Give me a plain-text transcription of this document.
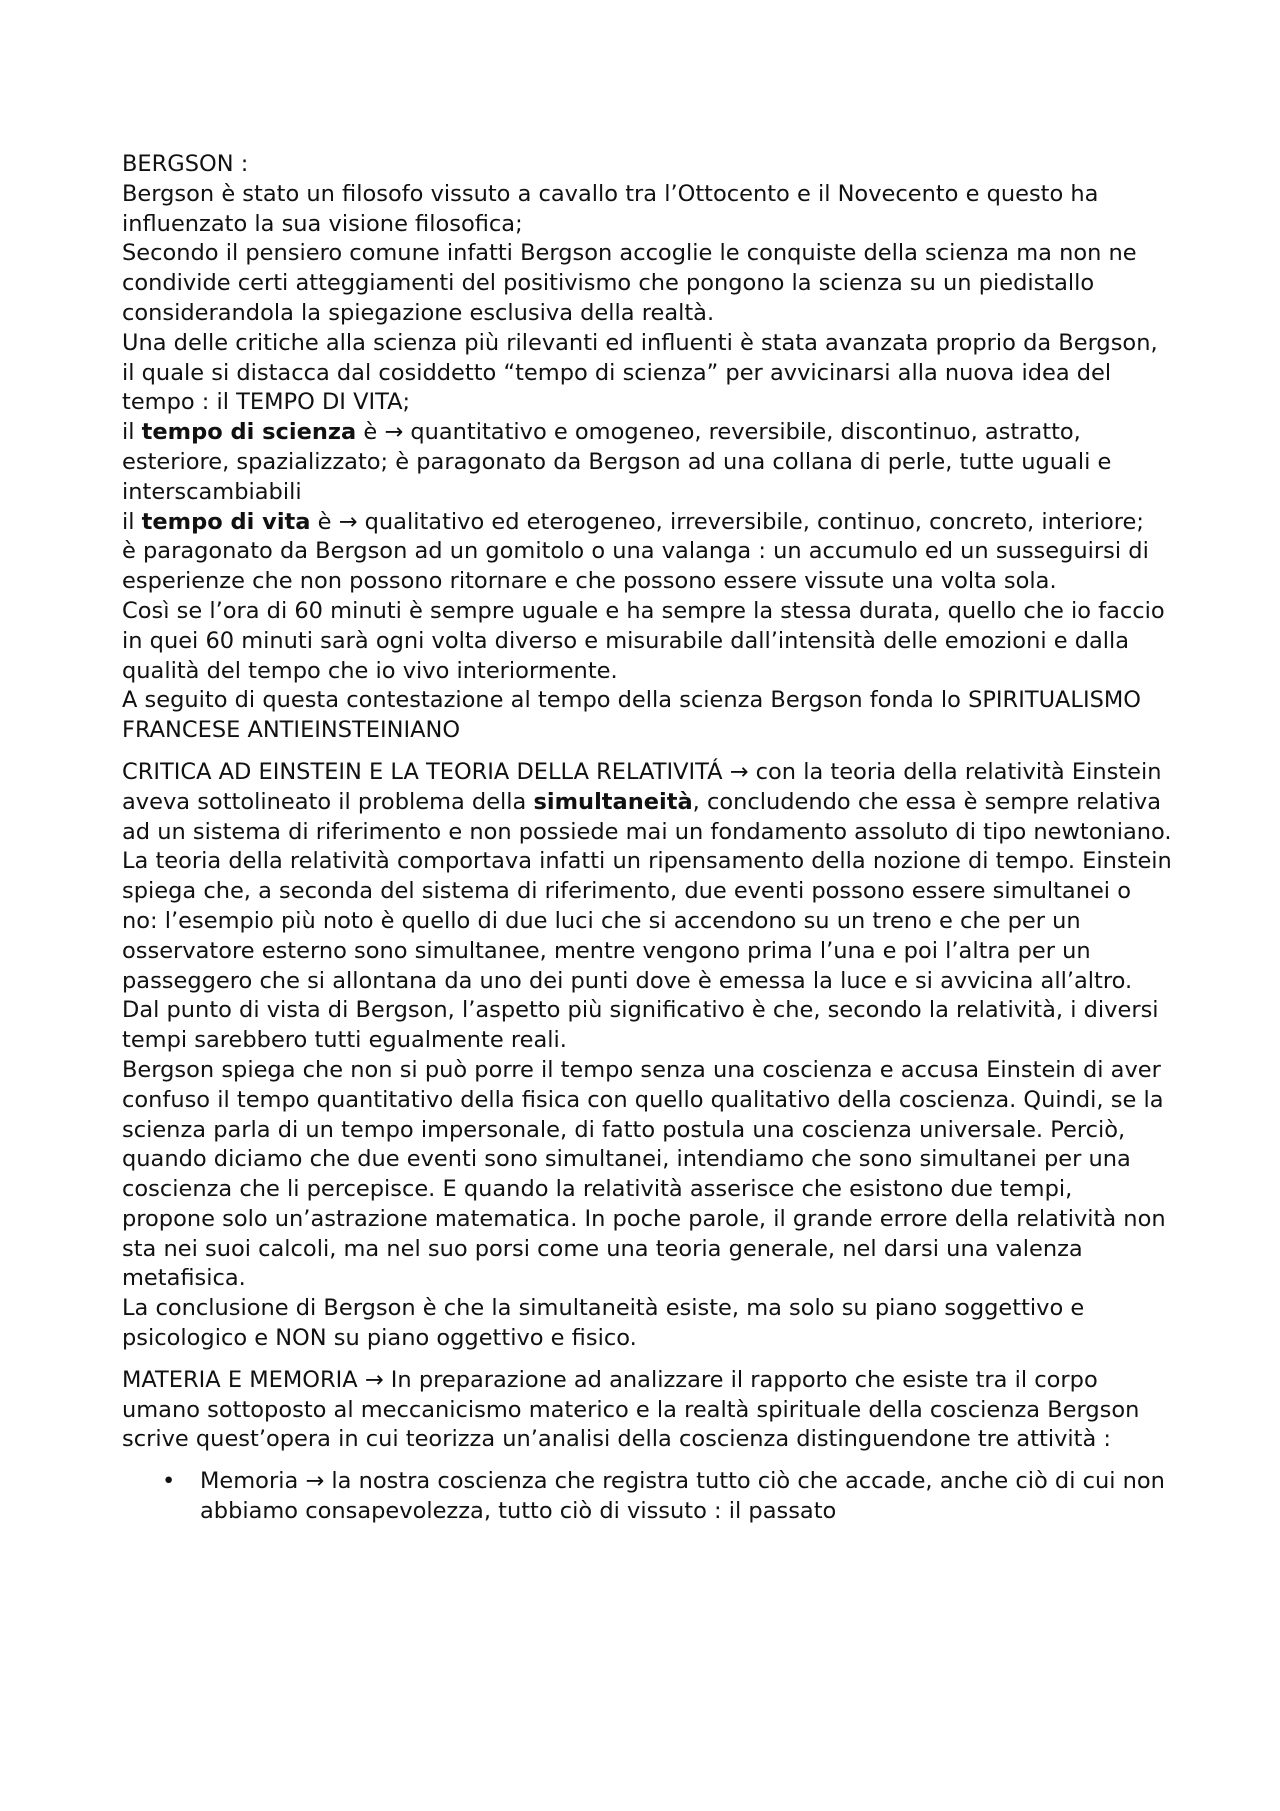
BERGSON :

Bergson è stato un filosofo vissuto a cavallo tra l’Ottocento e il Novecento e questo ha influenzato la sua visione filosofica;

Secondo il pensiero comune infatti Bergson accoglie le conquiste della scienza ma non ne condivide certi atteggiamenti del positivismo che pongono la scienza su un piedistallo considerandola la spiegazione esclusiva della realtà.

Una delle critiche alla scienza più rilevanti ed influenti è stata avanzata proprio da Bergson, il quale si distacca dal cosiddetto “tempo di scienza” per avvicinarsi alla nuova idea del tempo : il TEMPO DI VITA;

il tempo di scienza è → quantitativo e omogeneo, reversibile, discontinuo, astratto, esteriore, spazializzato; è paragonato da Bergson ad una collana di perle, tutte uguali e interscambiabili

il tempo di vita è → qualitativo ed eterogeneo, irreversibile, continuo, concreto, interiore;

è paragonato da Bergson ad un gomitolo o una valanga : un accumulo ed un susseguirsi di esperienze che non possono ritornare e che possono essere vissute una volta sola.

Così se l’ora di 60 minuti è sempre uguale e ha sempre la stessa durata, quello che io faccio in quei 60 minuti sarà ogni volta diverso e misurabile dall’intensità delle emozioni e dalla qualità del tempo che io vivo interiormente.

A seguito di questa contestazione al tempo della scienza Bergson fonda lo SPIRITUALISMO FRANCESE ANTIEINSTEINIANO

CRITICA AD EINSTEIN E LA TEORIA DELLA RELATIVITÁ → con la teoria della relatività Einstein aveva sottolineato il problema della simultaneità, concludendo che essa è sempre relativa ad un sistema di riferimento e non possiede mai un fondamento assoluto di tipo newtoniano.

La teoria della relatività comportava infatti un ripensamento della nozione di tempo. Einstein spiega che, a seconda del sistema di riferimento, due eventi possono essere simultanei o no: l’esempio più noto è quello di due luci che si accendono su un treno e che per un osservatore esterno sono simultanee, mentre vengono prima l’una e poi l’altra per un passeggero che si allontana da uno dei punti dove è emessa la luce e si avvicina all’altro. Dal punto di vista di Bergson, l’aspetto più significativo è che, secondo la relatività, i diversi tempi sarebbero tutti egualmente reali.

Bergson spiega che non si può porre il tempo senza una coscienza e accusa Einstein di aver confuso il tempo quantitativo della fisica con quello qualitativo della coscienza. Quindi, se la scienza parla di un tempo impersonale, di fatto postula una coscienza universale. Perciò, quando diciamo che due eventi sono simultanei, intendiamo che sono simultanei per una coscienza che li percepisce. E quando la relatività asserisce che esistono due tempi, propone solo un’astrazione matematica. In poche parole, il grande errore della relatività non sta nei suoi calcoli, ma nel suo porsi come una teoria generale, nel darsi una valenza metafisica.

La conclusione di Bergson è che la simultaneità esiste, ma solo su piano soggettivo e psicologico e NON su piano oggettivo e fisico.

MATERIA E MEMORIA → In preparazione ad analizzare il rapporto che esiste tra il corpo umano sottoposto al meccanicismo materico e la realtà spirituale della coscienza Bergson scrive quest’opera in cui teorizza un’analisi della coscienza distinguendone tre attività :

• Memoria → la nostra coscienza che registra tutto ciò che accade, anche ciò di cui non abbiamo consapevolezza, tutto ciò di vissuto : il passato
